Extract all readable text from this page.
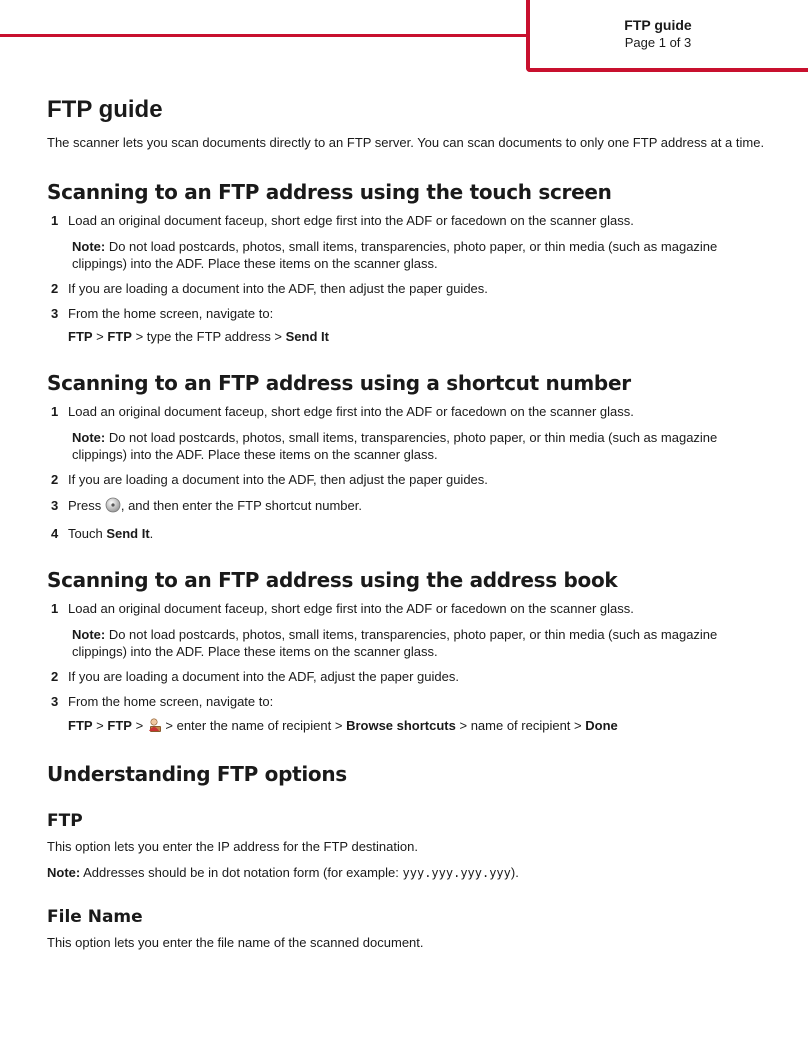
FTP guide
Page 1 of 3
FTP guide

The scanner lets you scan documents directly to an FTP server. You can scan documents to only one FTP address at a time.

Scanning to an FTP address using the touch screen
1 Load an original document faceup, short edge first into the ADF or facedown on the scanner glass.
Note: Do not load postcards, photos, small items, transparencies, photo paper, or thin media (such as magazine clippings) into the ADF. Place these items on the scanner glass.
2 If you are loading a document into the ADF, then adjust the paper guides.
3 From the home screen, navigate to:
FTP > FTP > type the FTP address > Send It
Scanning to an FTP address using a shortcut number
1 Load an original document faceup, short edge first into the ADF or facedown on the scanner glass.
Note: Do not load postcards, photos, small items, transparencies, photo paper, or thin media (such as magazine clippings) into the ADF. Place these items on the scanner glass.
2 If you are loading a document into the ADF, then adjust the paper guides.
3 Press , and then enter the FTP shortcut number.
4 Touch Send It.
Scanning to an FTP address using the address book
1 Load an original document faceup, short edge first into the ADF or facedown on the scanner glass.
Note: Do not load postcards, photos, small items, transparencies, photo paper, or thin media (such as magazine clippings) into the ADF. Place these items on the scanner glass.
2 If you are loading a document into the ADF, adjust the paper guides.
3 From the home screen, navigate to:
FTP > FTP >  > enter the name of recipient > Browse shortcuts > name of recipient > Done
Understanding FTP options
FTP

This option lets you enter the IP address for the FTP destination.

Note: Addresses should be in dot notation form (for example: yyy.yyy.yyy.yyy).

File Name

This option lets you enter the file name of the scanned document.
